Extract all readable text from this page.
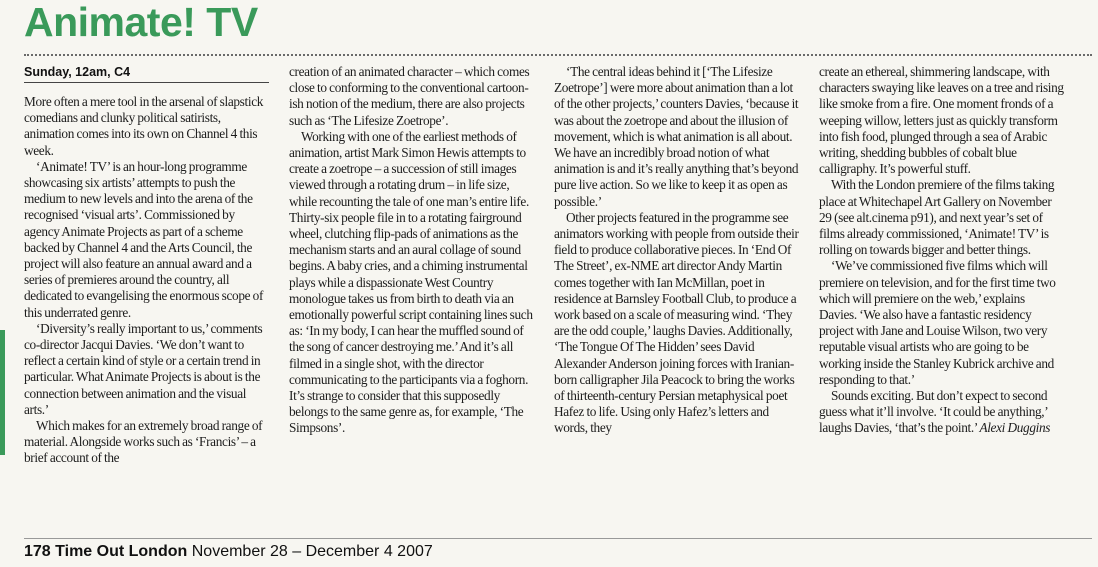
Animate! TV
Sunday, 12am, C4

More often a mere tool in the arsenal of slapstick comedians and clunky political satirists, animation comes into its own on Channel 4 this week.

‘Animate! TV’ is an hour-long programme showcasing six artists’ attempts to push the medium to new levels and into the arena of the recognised ‘visual arts’. Commissioned by agency Animate Projects as part of a scheme backed by Channel 4 and the Arts Council, the project will also feature an annual award and a series of premieres around the country, all dedicated to evangelising the enormous scope of this underrated genre.

‘Diversity’s really important to us,’ comments co-director Jacqui Davies. ‘We don’t want to reflect a certain kind of style or a certain trend in particular. What Animate Projects is about is the connection between animation and the visual arts.’

Which makes for an extremely broad range of material. Alongside works such as ‘Francis’ – a brief account of the

creation of an animated character – which comes close to conforming to the conventional cartoon-ish notion of the medium, there are also projects such as ‘The Lifesize Zoetrope’.

Working with one of the earliest methods of animation, artist Mark Simon Hewis attempts to create a zoetrope – a succession of still images viewed through a rotating drum – in life size, while recounting the tale of one man’s entire life. Thirty-six people file in to a rotating fairground wheel, clutching flip-pads of animations as the mechanism starts and an aural collage of sound begins. A baby cries, and a chiming instrumental plays while a dispassionate West Country monologue takes us from birth to death via an emotionally powerful script containing lines such as: ‘In my body, I can hear the muffled sound of the song of cancer destroying me.’ And it’s all filmed in a single shot, with the director communicating to the participants via a foghorn. It’s strange to consider that this supposedly belongs to the same genre as, for example, ‘The Simpsons’.

‘The central ideas behind it [‘The Lifesize Zoetrope’] were more about animation than a lot of the other projects,’ counters Davies, ‘because it was about the zoetrope and about the illusion of movement, which is what animation is all about. We have an incredibly broad notion of what animation is and it’s really anything that’s beyond pure live action. So we like to keep it as open as possible.’

Other projects featured in the programme see animators working with people from outside their field to produce collaborative pieces. In ‘End Of The Street’, ex-NME art director Andy Martin comes together with Ian McMillan, poet in residence at Barnsley Football Club, to produce a work based on a scale of measuring wind. ‘They are the odd couple,’ laughs Davies. Additionally, ‘The Tongue Of The Hidden’ sees David Alexander Anderson joining forces with Iranian-born calligrapher Jila Peacock to bring the works of thirteenth-century Persian metaphysical poet Hafez to life. Using only Hafez’s letters and words, they

create an ethereal, shimmering landscape, with characters swaying like leaves on a tree and rising like smoke from a fire. One moment fronds of a weeping willow, letters just as quickly transform into fish food, plunged through a sea of Arabic writing, shedding bubbles of cobalt blue calligraphy. It’s powerful stuff.

With the London premiere of the films taking place at Whitechapel Art Gallery on November 29 (see alt.cinema p91), and next year’s set of films already commissioned, ‘Animate! TV’ is rolling on towards bigger and better things.

‘We’ve commissioned five films which will premiere on television, and for the first time two which will premiere on the web,’ explains Davies. ‘We also have a fantastic residency project with Jane and Louise Wilson, two very reputable visual artists who are going to be working inside the Stanley Kubrick archive and responding to that.’

Sounds exciting. But don’t expect to second guess what it’ll involve. ‘It could be anything,’ laughs Davies, ‘that’s the point.’ Alexi Duggins

178 Time Out London November 28 – December 4 2007
